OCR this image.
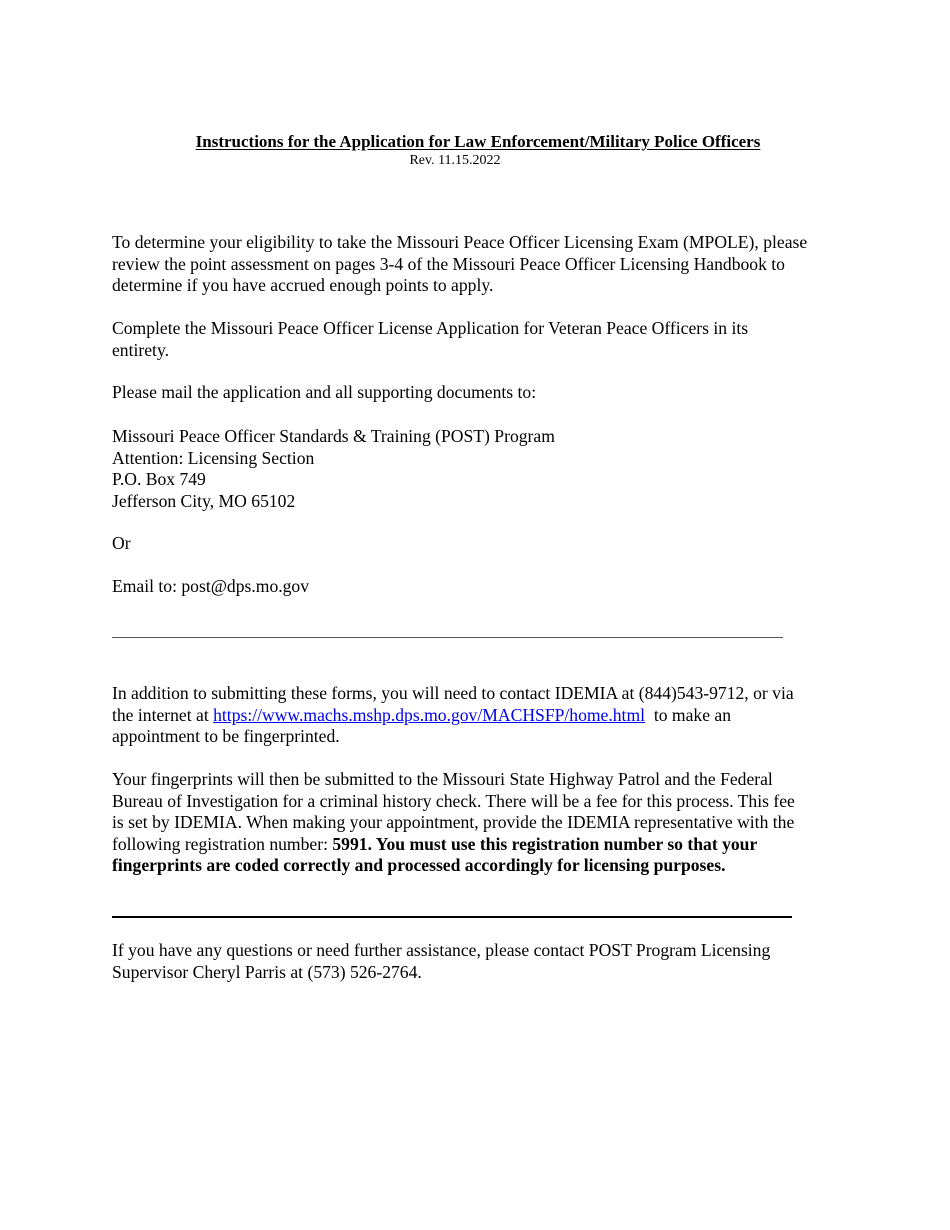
Instructions for the Application for Law Enforcement/Military Police Officers
Rev. 11.15.2022

To determine your eligibility to take the Missouri Peace Officer Licensing Exam (MPOLE), please
review the point assessment on pages 3-4 of the Missouri Peace Officer Licensing Handbook to
determine if you have accrued enough points to apply.

Complete the Missouri Peace Officer License Application for Veteran Peace Officers in its
entirety.

Please mail the application and all supporting documents to:

Missouri Peace Officer Standards & Training (POST) Program
Attention: Licensing Section
P.O. Box 749
Jefferson City, MO 65102

Or

Email to: post@dps.mo.gov

In addition to submitting these forms, you will need to contact IDEMIA at (844)543-9712, or via
the internet at https://www.machs.mshp.dps.mo.gov/MACHSFP/home.html  to make an
appointment to be fingerprinted.

Your fingerprints will then be submitted to the Missouri State Highway Patrol and the Federal
Bureau of Investigation for a criminal history check. There will be a fee for this process. This fee
is set by IDEMIA. When making your appointment, provide the IDEMIA representative with the
following registration number: 5991. You must use this registration number so that your
fingerprints are coded correctly and processed accordingly for licensing purposes.

If you have any questions or need further assistance, please contact POST Program Licensing
Supervisor Cheryl Parris at (573) 526-2764.
